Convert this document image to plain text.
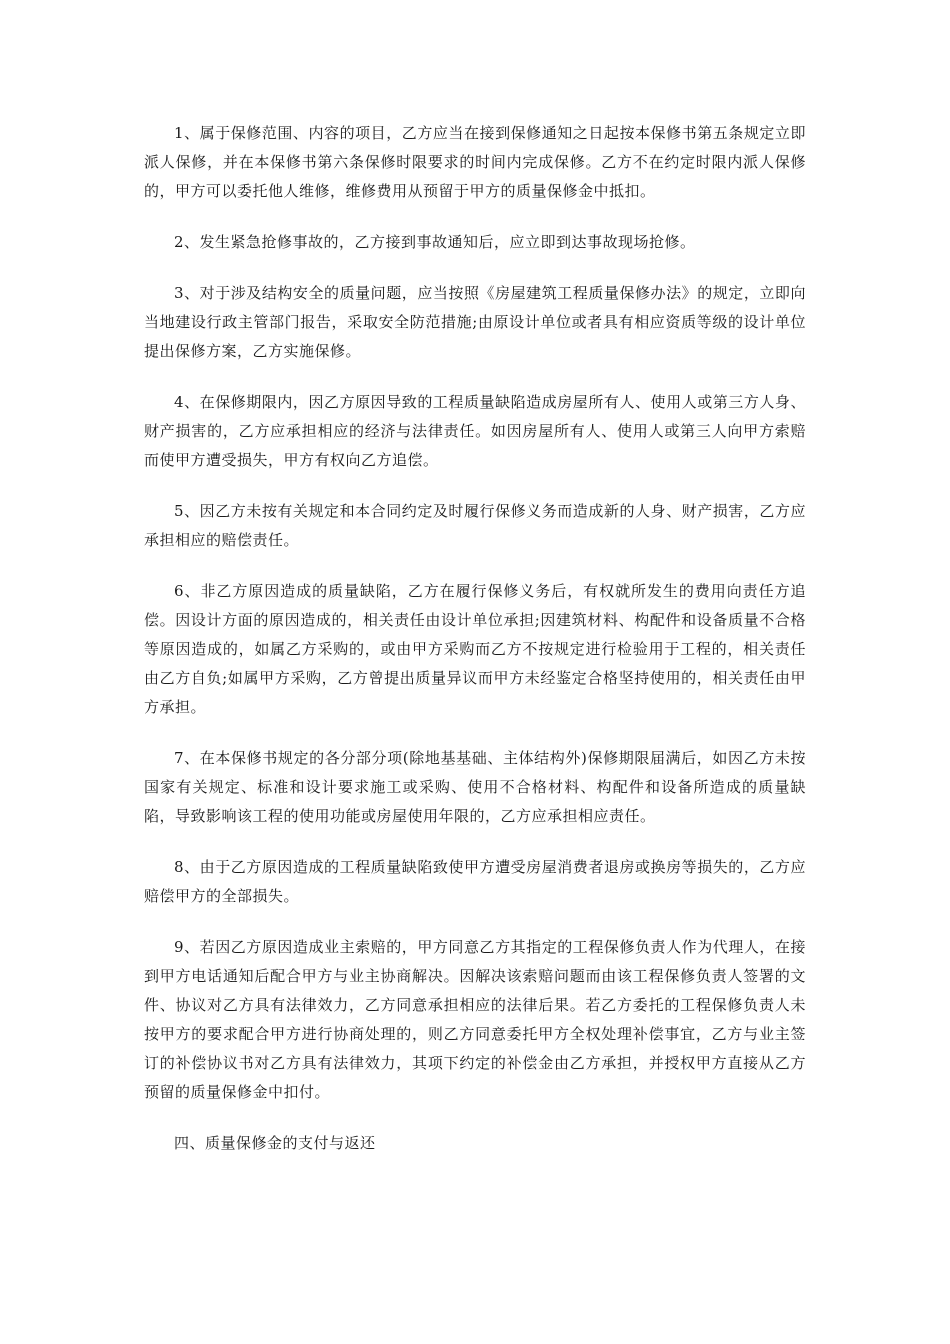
1、属于保修范围、内容的项目，乙方应当在接到保修通知之日起按本保修书第五条规定立即派人保修，并在本保修书第六条保修时限要求的时间内完成保修。乙方不在约定时限内派人保修的，甲方可以委托他人维修，维修费用从预留于甲方的质量保修金中抵扣。

2、发生紧急抢修事故的，乙方接到事故通知后，应立即到达事故现场抢修。

3、对于涉及结构安全的质量问题，应当按照《房屋建筑工程质量保修办法》的规定，立即向当地建设行政主管部门报告，采取安全防范措施;由原设计单位或者具有相应资质等级的设计单位提出保修方案，乙方实施保修。

4、在保修期限内，因乙方原因导致的工程质量缺陷造成房屋所有人、使用人或第三方人身、财产损害的，乙方应承担相应的经济与法律责任。如因房屋所有人、使用人或第三人向甲方索赔而使甲方遭受损失，甲方有权向乙方追偿。

5、因乙方未按有关规定和本合同约定及时履行保修义务而造成新的人身、财产损害，乙方应承担相应的赔偿责任。

6、非乙方原因造成的质量缺陷，乙方在履行保修义务后，有权就所发生的费用向责任方追偿。因设计方面的原因造成的，相关责任由设计单位承担;因建筑材料、构配件和设备质量不合格等原因造成的，如属乙方采购的，或由甲方采购而乙方不按规定进行检验用于工程的，相关责任由乙方自负;如属甲方采购，乙方曾提出质量异议而甲方未经鉴定合格坚持使用的，相关责任由甲方承担。

7、在本保修书规定的各分部分项(除地基基础、主体结构外)保修期限届满后，如因乙方未按国家有关规定、标准和设计要求施工或采购、使用不合格材料、构配件和设备所造成的质量缺陷，导致影响该工程的使用功能或房屋使用年限的，乙方应承担相应责任。

8、由于乙方原因造成的工程质量缺陷致使甲方遭受房屋消费者退房或换房等损失的，乙方应赔偿甲方的全部损失。

9、若因乙方原因造成业主索赔的，甲方同意乙方其指定的工程保修负责人作为代理人，在接到甲方电话通知后配合甲方与业主协商解决。因解决该索赔问题而由该工程保修负责人签署的文件、协议对乙方具有法律效力，乙方同意承担相应的法律后果。若乙方委托的工程保修负责人未按甲方的要求配合甲方进行协商处理的，则乙方同意委托甲方全权处理补偿事宜，乙方与业主签订的补偿协议书对乙方具有法律效力，其项下约定的补偿金由乙方承担，并授权甲方直接从乙方预留的质量保修金中扣付。

四、质量保修金的支付与返还
